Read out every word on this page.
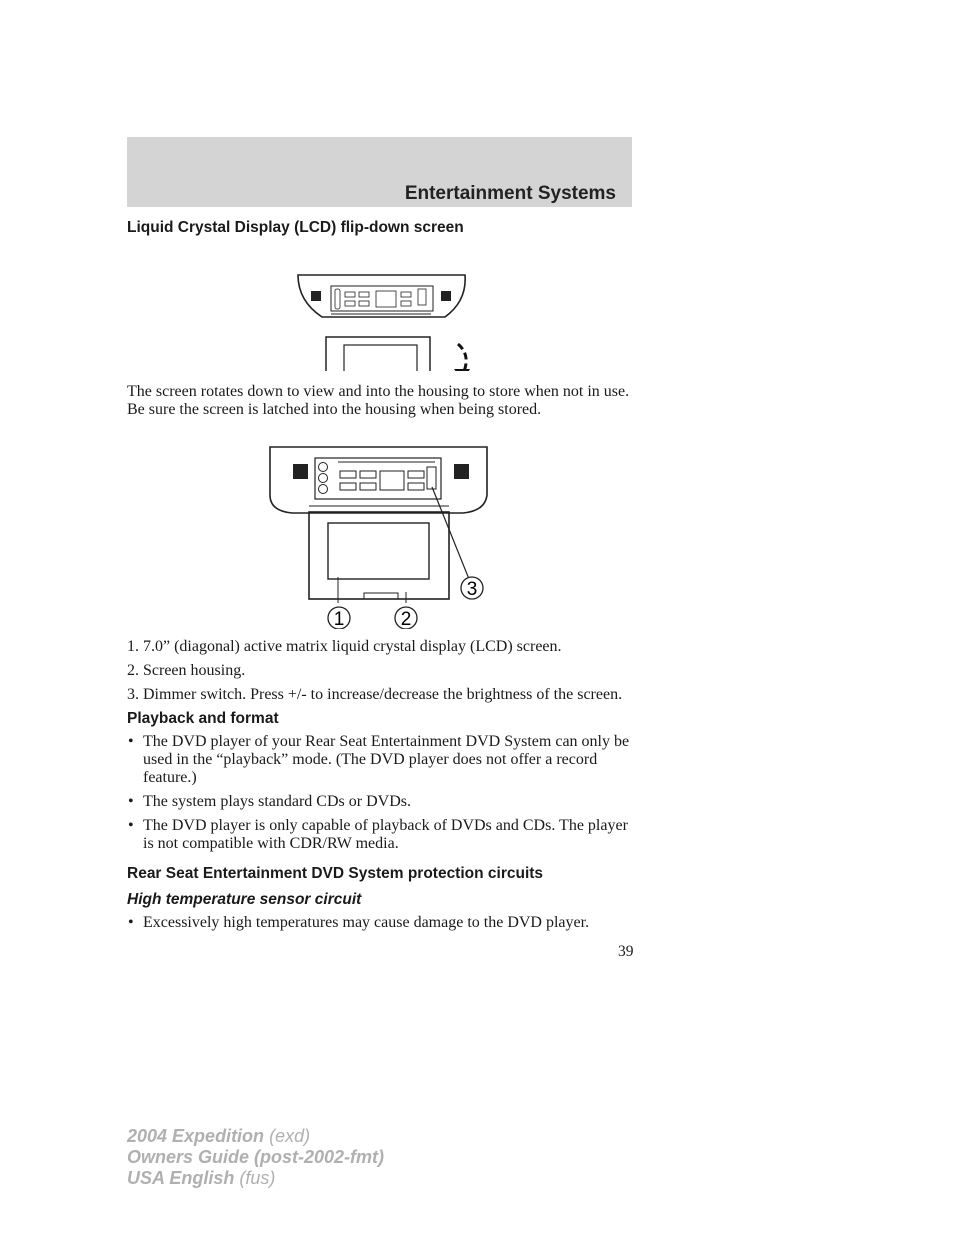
Entertainment Systems
Liquid Crystal Display (LCD) flip-down screen

The screen rotates down to view and into the housing to store when not in use. Be sure the screen is latched into the housing when being stored.

1	2
3

1. 7.0” (diagonal) active matrix liquid crystal display (LCD) screen.

2. Screen housing.

3. Dimmer switch. Press +/- to increase/decrease the brightness of the screen.

Playback and format
• The DVD player of your Rear Seat Entertainment DVD System can only be used in the “playback” mode. (The DVD player does not offer a record feature.)
• The system plays standard CDs or DVDs.
• The DVD player is only capable of playback of DVDs and CDs. The player is not compatible with CDR/RW media.
Rear Seat Entertainment DVD System protection circuits
High temperature sensor circuit
• Excessively high temperatures may cause damage to the DVD player.

39

2004 Expedition (exd)
Owners Guide (post-2002-fmt)
USA English (fus)
